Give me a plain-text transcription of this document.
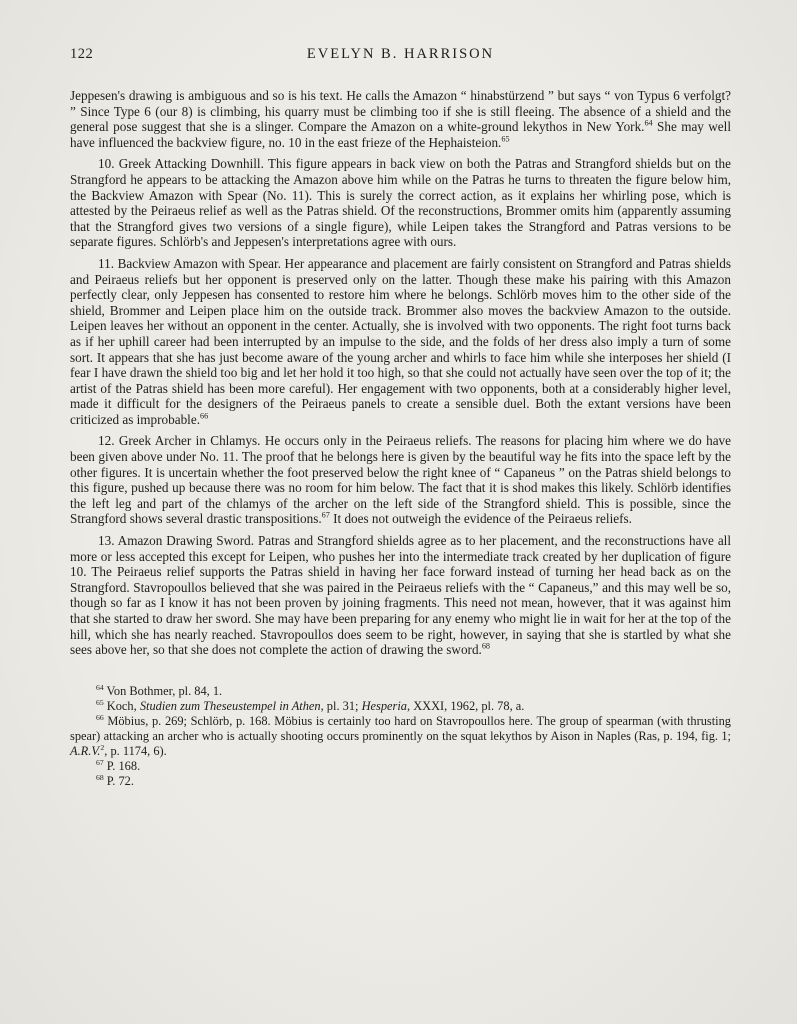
122	EVELYN B. HARRISON

Jeppesen's drawing is ambiguous and so is his text. He calls the Amazon “ hinabstürzend ” but says “ von Typus 6 verfolgt? ” Since Type 6 (our 8) is climbing, his quarry must be climbing too if she is still fleeing. The absence of a shield and the general pose suggest that she is a slinger. Compare the Amazon on a white-ground lekythos in New York.$^{64}$ She may well have influenced the backview figure, no. 10 in the east frieze of the Hephaisteion.$^{65}$

10. Greek Attacking Downhill. This figure appears in back view on both the Patras and Strangford shields but on the Strangford he appears to be attacking the Amazon above him while on the Patras he turns to threaten the figure below him, the Backview Amazon with Spear (No. 11). This is surely the correct action, as it explains her whirling pose, which is attested by the Peiraeus relief as well as the Patras shield. Of the reconstructions, Brommer omits him (apparently assuming that the Strangford gives two versions of a single figure), while Leipen takes the Strangford and Patras versions to be separate figures. Schlörb's and Jeppesen's interpretations agree with ours.

11. Backview Amazon with Spear. Her appearance and placement are fairly consistent on Strangford and Patras shields and Peiraeus reliefs but her opponent is preserved only on the latter. Though these make his pairing with this Amazon perfectly clear, only Jeppesen has consented to restore him where he belongs. Schlörb moves him to the other side of the shield, Brommer and Leipen place him on the outside track. Brommer also moves the backview Amazon to the outside. Leipen leaves her without an opponent in the center. Actually, she is involved with two opponents. The right foot turns back as if her uphill career had been interrupted by an impulse to the side, and the folds of her dress also imply a turn of some sort. It appears that she has just become aware of the young archer and whirls to face him while she interposes her shield (I fear I have drawn the shield too big and let her hold it too high, so that she could not actually have seen over the top of it; the artist of the Patras shield has been more careful). Her engagement with two opponents, both at a considerably higher level, made it difficult for the designers of the Peiraeus panels to create a sensible duel. Both the extant versions have been criticized as improbable.$^{66}$

12. Greek Archer in Chlamys. He occurs only in the Peiraeus reliefs. The reasons for placing him where we do have been given above under No. 11. The proof that he belongs here is given by the beautiful way he fits into the space left by the other figures. It is uncertain whether the foot preserved below the right knee of “ Capaneus ” on the Patras shield belongs to this figure, pushed up because there was no room for him below. The fact that it is shod makes this likely. Schlörb identifies the left leg and part of the chlamys of the archer on the left side of the Strangford shield. This is possible, since the Strangford shows several drastic transpositions.$^{67}$ It does not outweigh the evidence of the Peiraeus reliefs.

13. Amazon Drawing Sword. Patras and Strangford shields agree as to her placement, and the reconstructions have all more or less accepted this except for Leipen, who pushes her into the intermediate track created by her duplication of figure 10. The Peiraeus relief supports the Patras shield in having her face forward instead of turning her head back as on the Strangford. Stavropoullos believed that she was paired in the Peiraeus reliefs with the “ Capaneus,” and this may well be so, though so far as I know it has not been proven by joining fragments. This need not mean, however, that it was against him that she started to draw her sword. She may have been preparing for any enemy who might lie in wait for her at the top of the hill, which she has nearly reached. Stavropoullos does seem to be right, however, in saying that she is startled by what she sees above her, so that she does not complete the action of drawing the sword.$^{68}$

$^{64}$ Von Bothmer, pl. 84, 1.

$^{65}$ Koch, Studien zum Theseustempel in Athen, pl. 31; Hesperia, XXXI, 1962, pl. 78, a.

$^{66}$ Möbius, p. 269; Schlörb, p. 168. Möbius is certainly too hard on Stavropoullos here. The group of spearman (with thrusting spear) attacking an archer who is actually shooting occurs prominently on the squat lekythos by Aison in Naples (Ras, p. 194, fig. 1; A.R.V.$^2$, p. 1174, 6).

$^{67}$ P. 168.

$^{68}$ P. 72.
